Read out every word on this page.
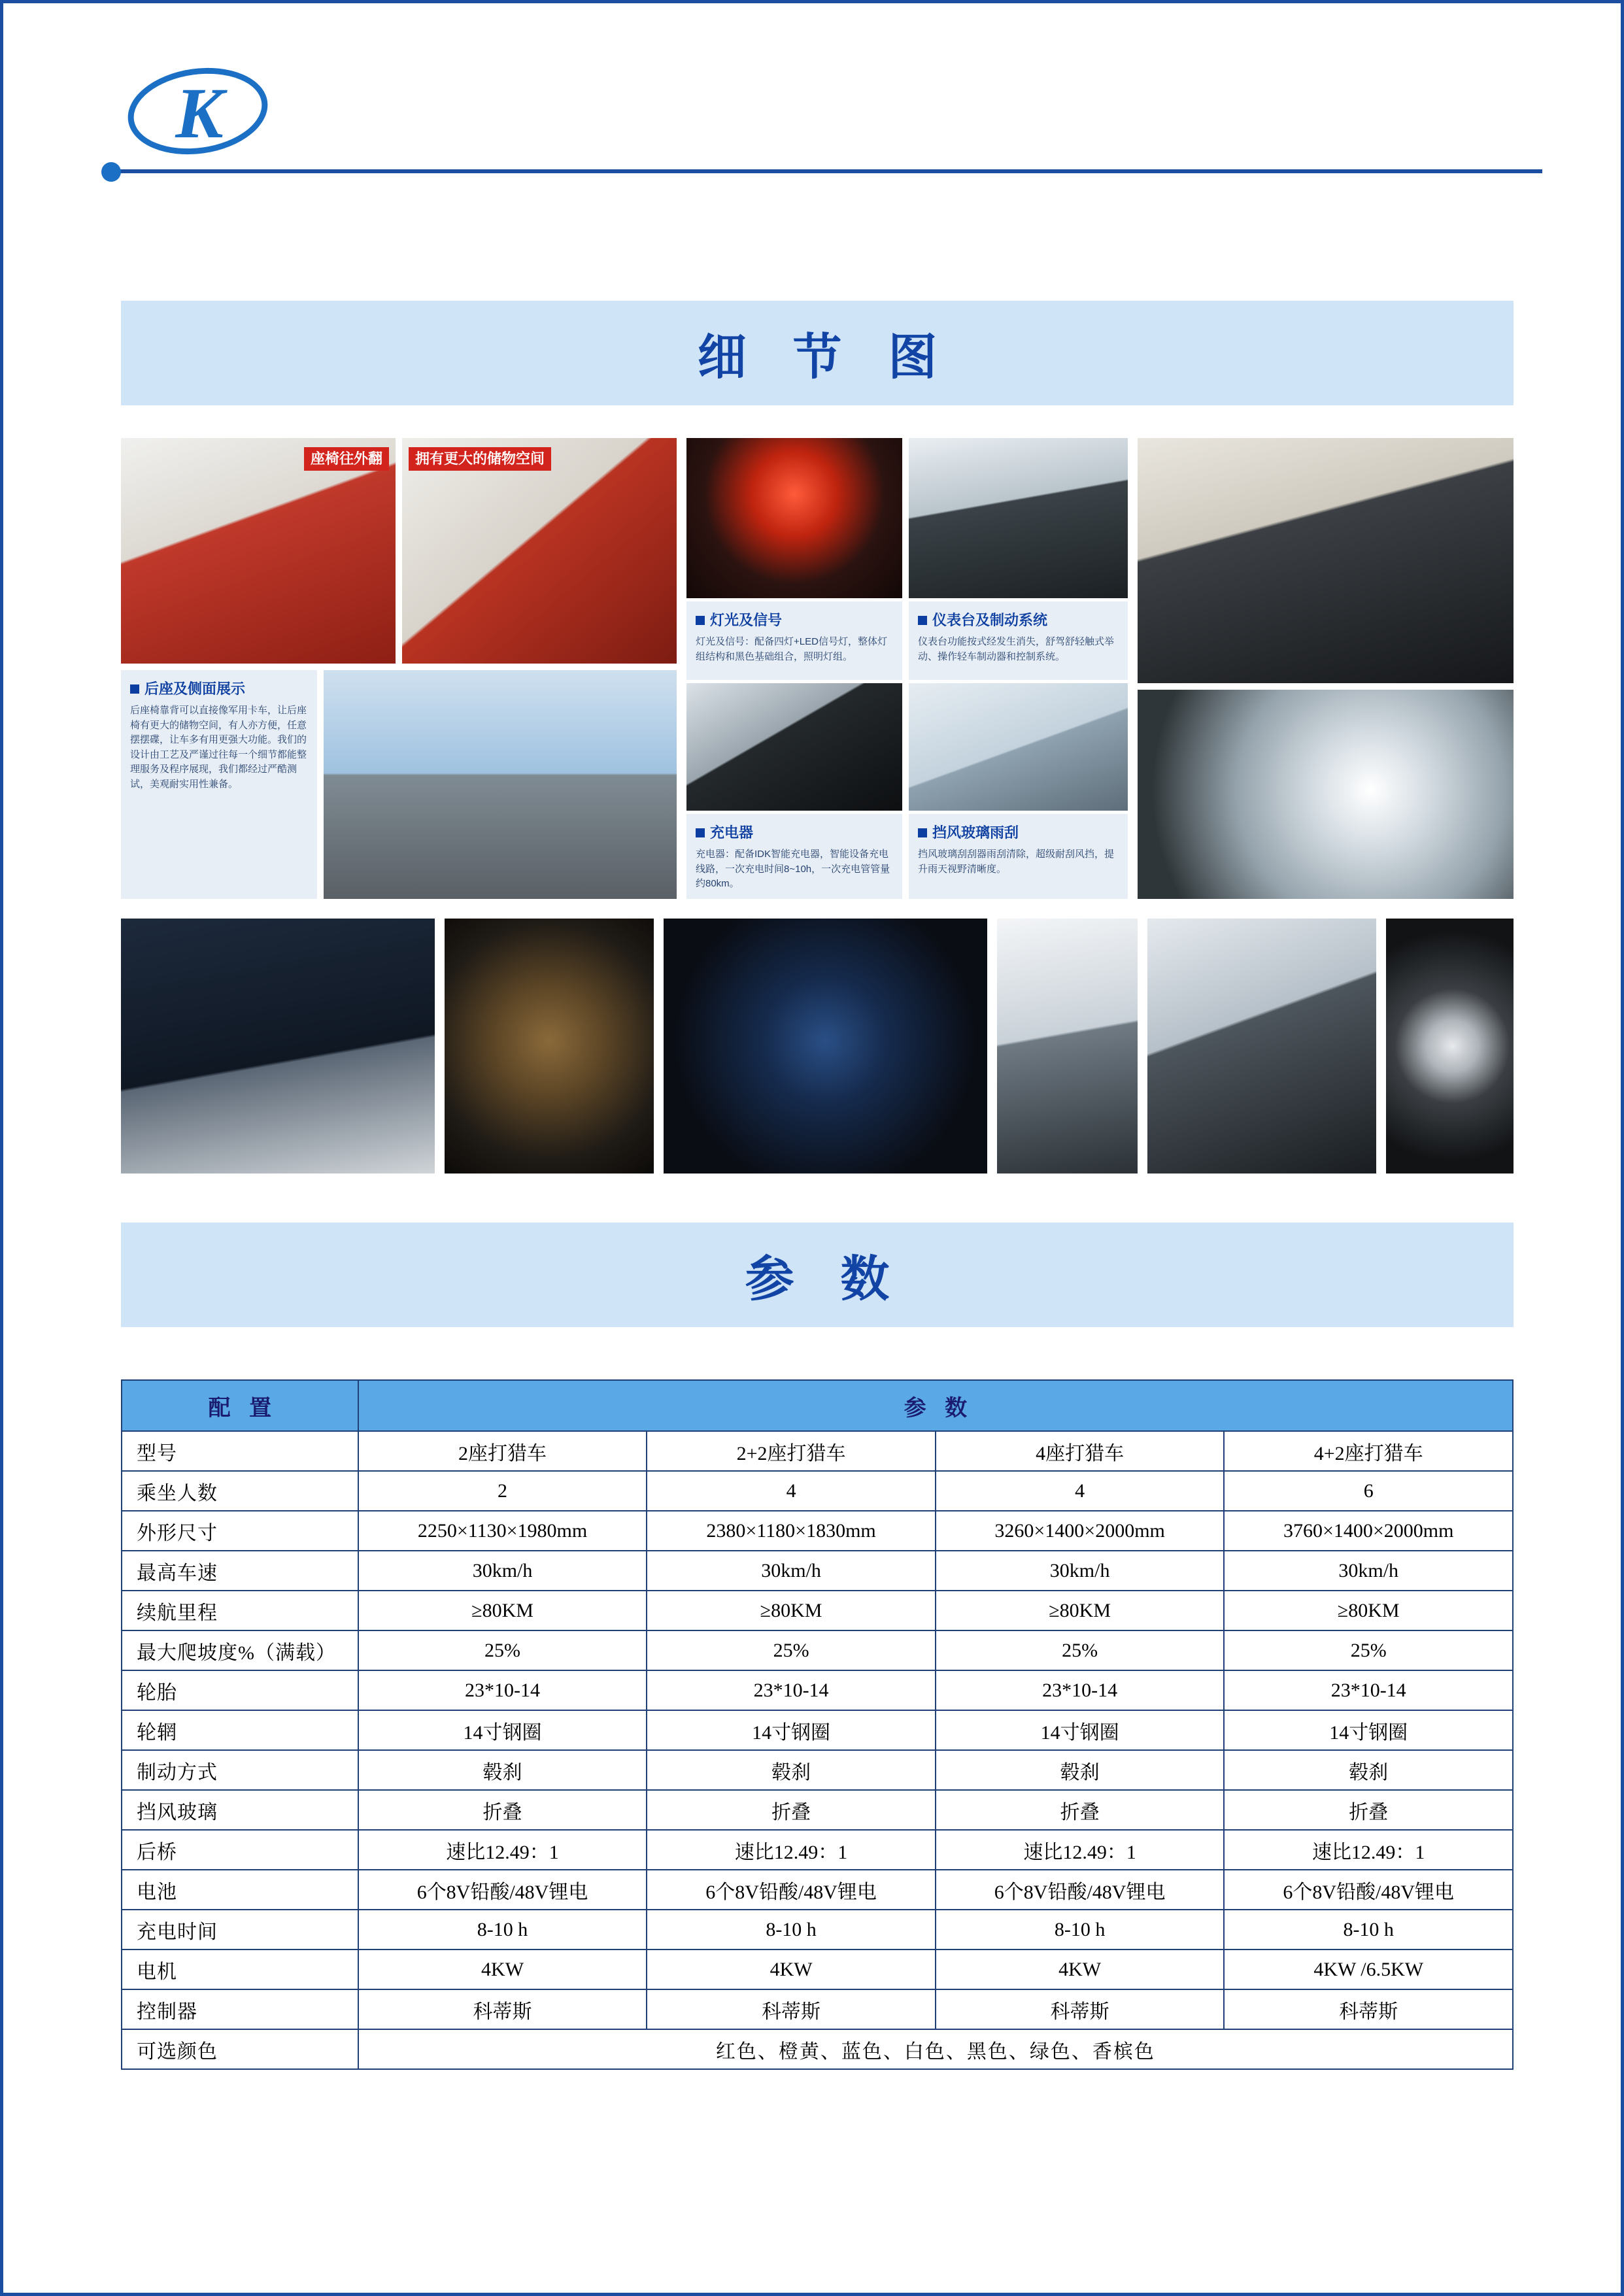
K
细 节 图
座椅往外翻	拥有更大的储物空间
后座及侧面展示
后座椅靠背可以直接像军用卡车，让后座椅有更大的储物空间，有人亦方便，任意摆摆碟，让车多有用更强大功能。我们的设计由工艺及严谨过往每一个细节都能整理服务及程序展现，我们都经过严酷测试，美观耐实用性兼备。
灯光及信号
灯光及信号：配备四灯+LED信号灯，整体灯组结构和黑色基础组合，照明灯组。
仪表台及制动系统
仪表台功能按式经发生消失，舒驾舒轻触式举动、操作轻车制动器和控制系统。
充电器
充电器：配备IDK智能充电器，智能设备充电线路，一次充电时间8~10h，一次充电管管量约80km。
挡风玻璃雨刮
挡风玻璃刮刮器雨刮清除，超级耐刮风挡，提升雨天视野清晰度。
参 数
配 置	参 数			
型号	2座打猎车	2+2座打猎车	4座打猎车	4+2座打猎车
乘坐人数	2	4	4	6
外形尺寸	2250×1130×1980mm	2380×1180×1830mm	3260×1400×2000mm	3760×1400×2000mm
最高车速	30km/h	30km/h	30km/h	30km/h
续航里程	≥80KM	≥80KM	≥80KM	≥80KM
最大爬坡度%（满载）	25%	25%	25%	25%
轮胎	23*10-14	23*10-14	23*10-14	23*10-14
轮辋	14寸钢圈	14寸钢圈	14寸钢圈	14寸钢圈
制动方式	毂刹	毂刹	毂刹	毂刹
挡风玻璃	折叠	折叠	折叠	折叠
后桥	速比12.49：1	速比12.49：1	速比12.49：1	速比12.49：1
电池	6个8V铅酸/48V锂电	6个8V铅酸/48V锂电	6个8V铅酸/48V锂电	6个8V铅酸/48V锂电
充电时间	8-10 h	8-10 h	8-10 h	8-10 h
电机	4KW	4KW	4KW	4KW /6.5KW
控制器	科蒂斯	科蒂斯	科蒂斯	科蒂斯
可选颜色	红色、橙黄、蓝色、白色、黑色、绿色、香槟色			
